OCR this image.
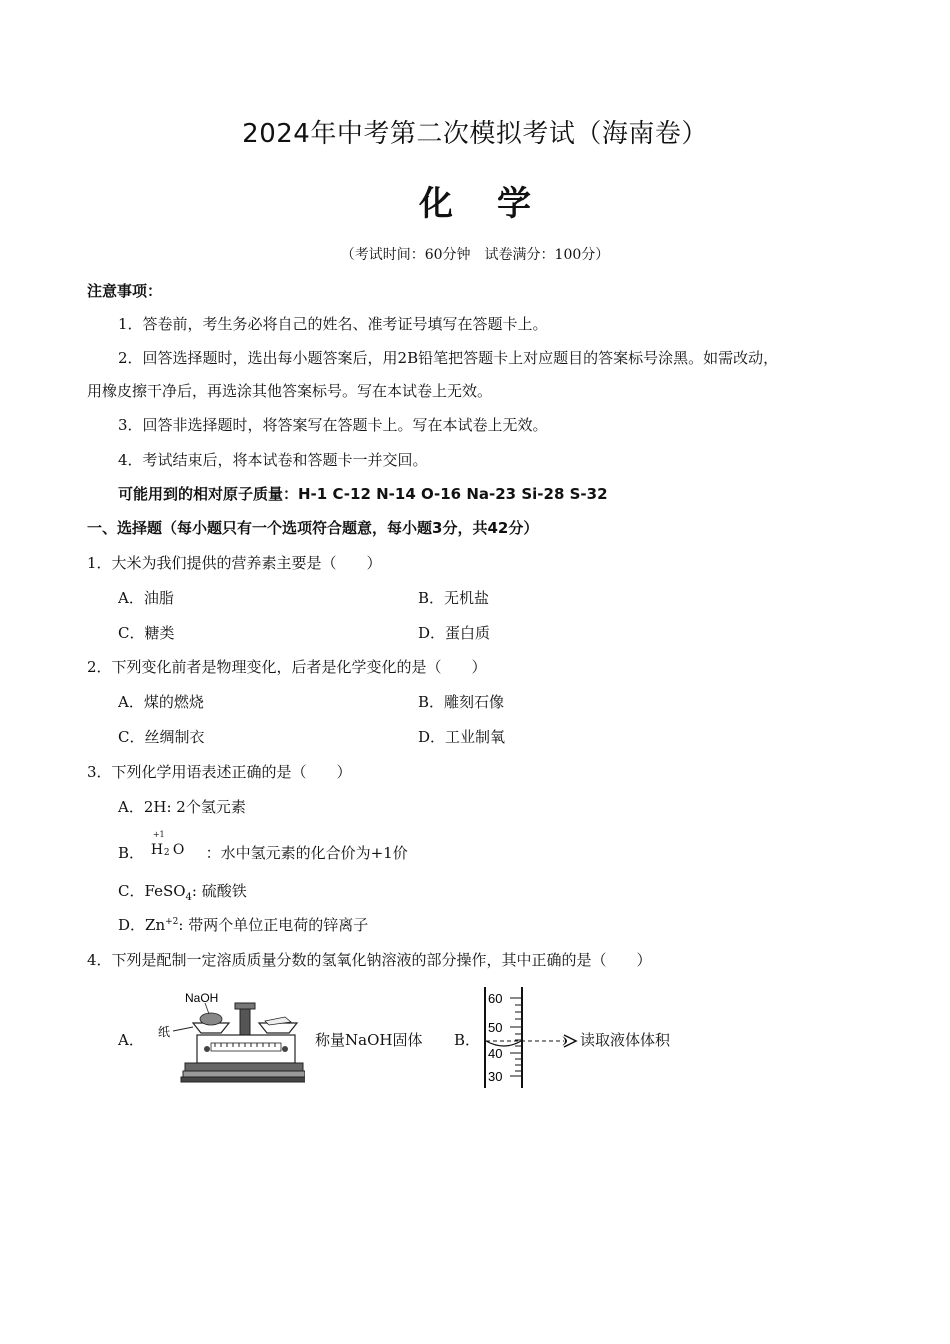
2024年中考第二次模拟考试（海南卷）
化学
（考试时间：60分钟　试卷满分：100分）
注意事项：
1．答卷前，考生务必将自己的姓名、准考证号填写在答题卡上。
2．回答选择题时，选出每小题答案后，用2B铅笔把答题卡上对应题目的答案标号涂黑。如需改动，
用橡皮擦干净后，再选涂其他答案标号。写在本试卷上无效。
3．回答非选择题时，将答案写在答题卡上。写在本试卷上无效。
4．考试结束后，将本试卷和答题卡一并交回。
可能用到的相对原子质量：H-1 C-12 N-14 O-16 Na-23 Si-28 S-32
一、选择题（每小题只有一个选项符合题意，每小题3分，共42分）
1．大米为我们提供的营养素主要是（　　）
A．油脂	B．无机盐
C．糖类	D．蛋白质
2．下列变化前者是物理变化，后者是化学变化的是（　　）
A．煤的燃烧	B．雕刻石像
C．丝绸制衣	D．工业制氧
3．下列化学用语表述正确的是（　　）
A．2H: 2个氢元素
B．
+1
H 2 O ：水中氢元素的化合价为+1价
C．FeSO$_4$: 硫酸铁
D．$Zn^{+2}$: 带两个单位正电荷的锌离子
4．下列是配制一定溶质质量分数的氢氧化钠溶液的部分操作，其中正确的是（　　）
A．
NaOH
纸	称量NaOH固体 B．
60
50
40
30
读取液体体积
